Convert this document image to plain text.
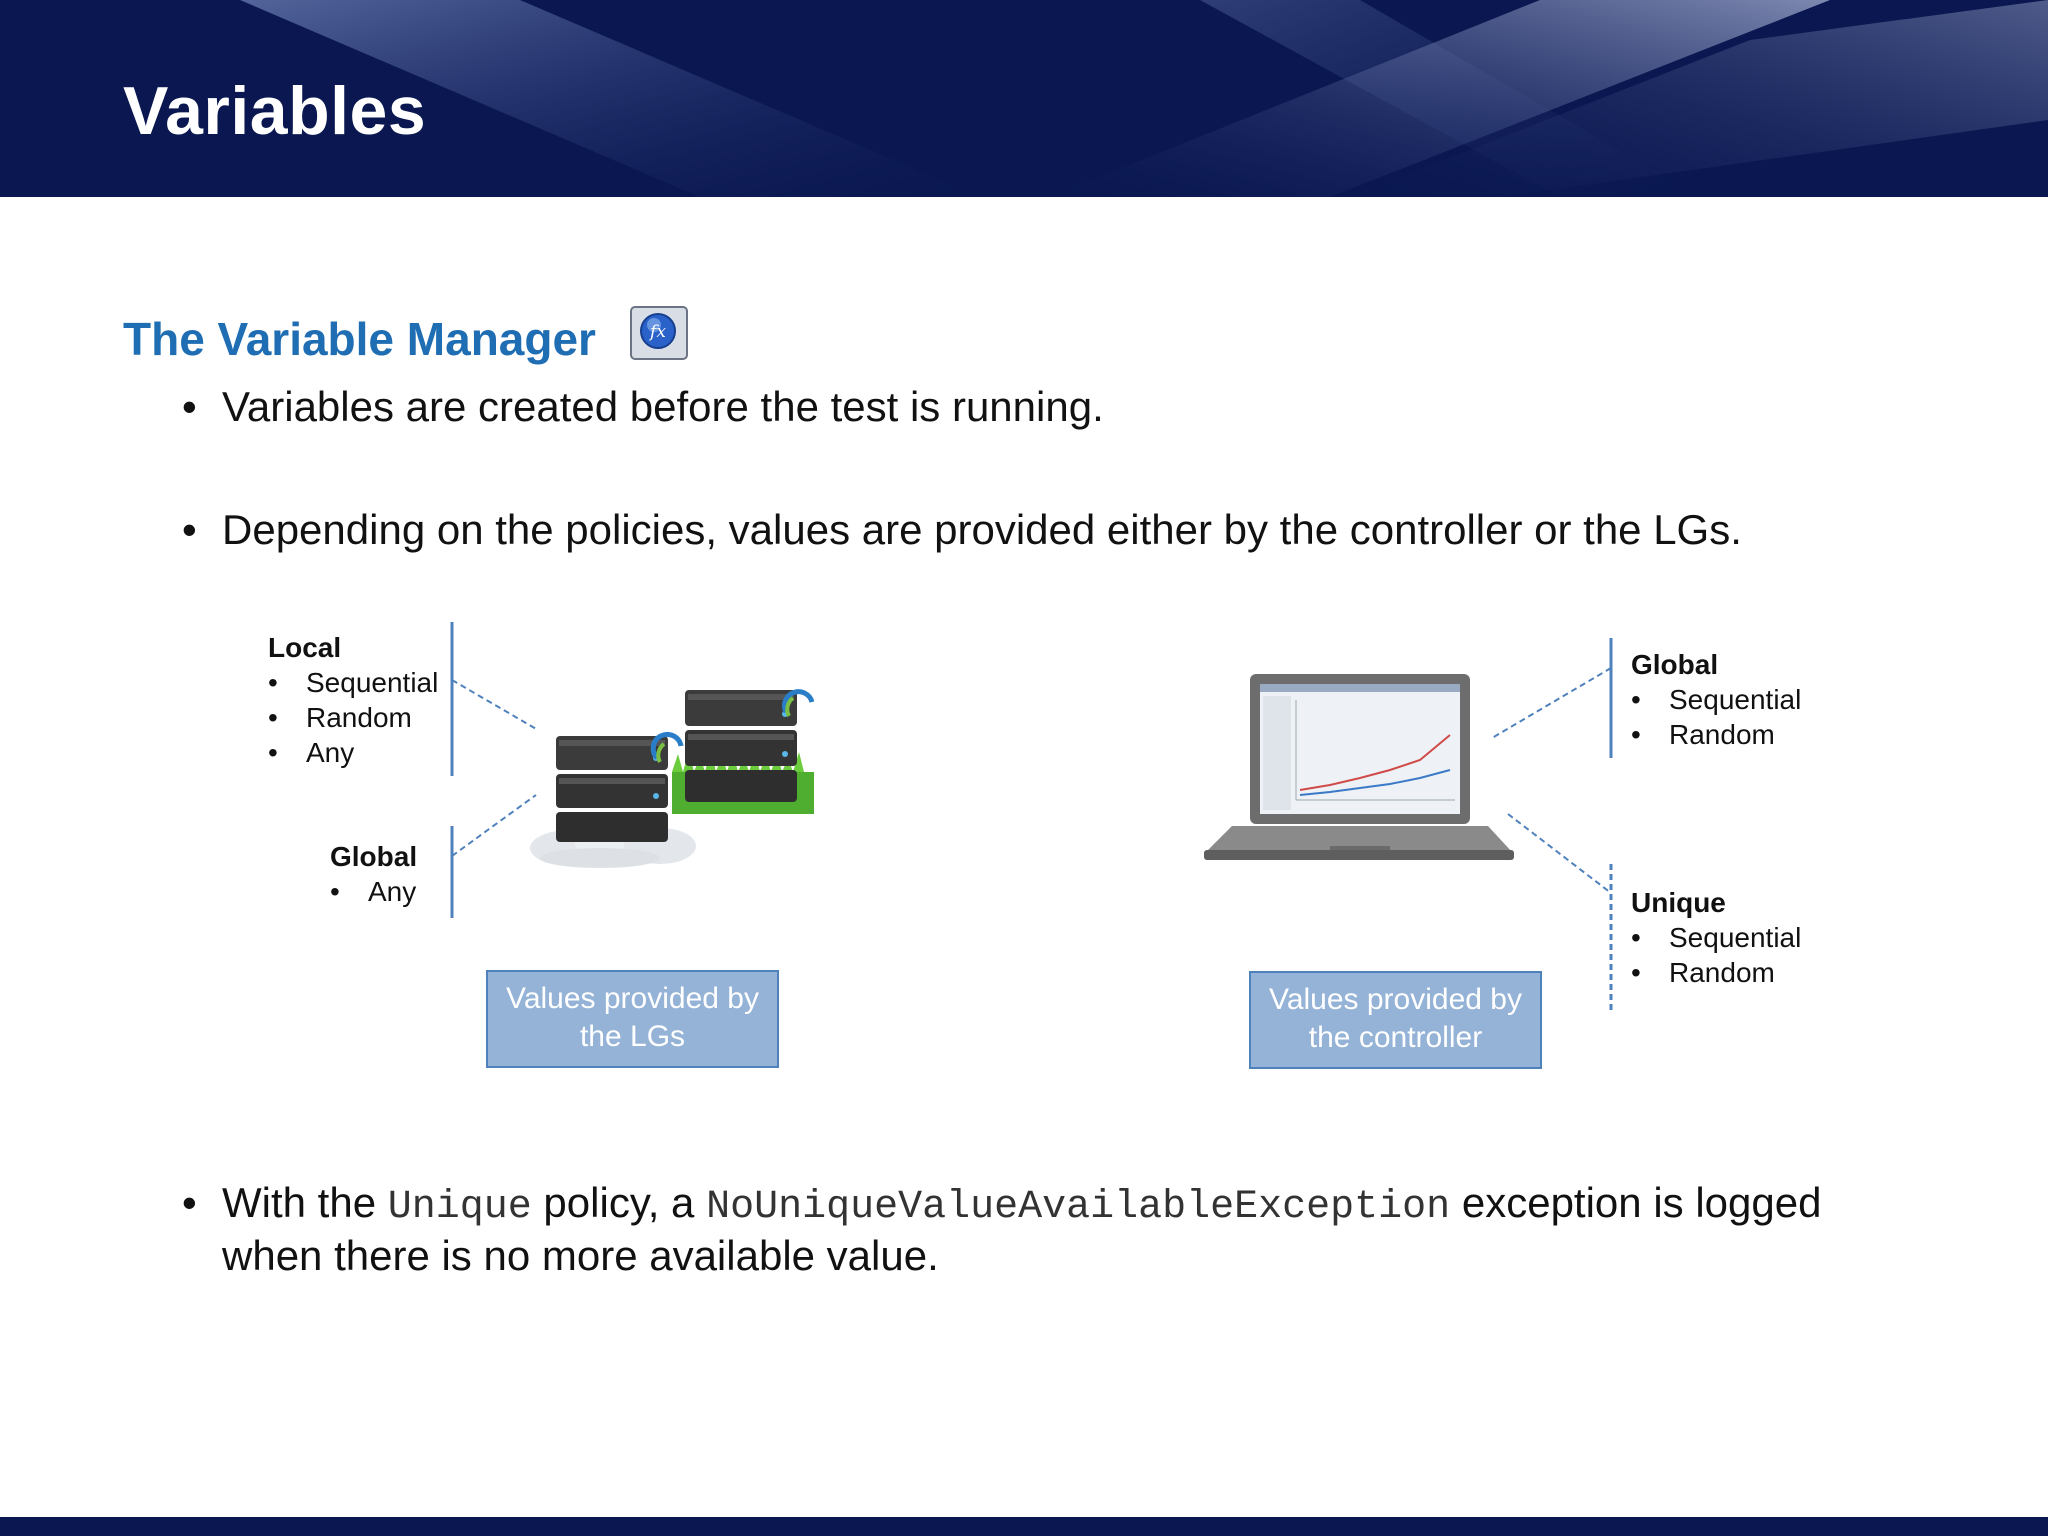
Variables
The Variable Manager	fx
• Variables are created before the test is running.
• Depending on the policies, values are provided either by the controller or the LGs.
Local
• Sequential
• Random
• Any
Global
• Any
Global
• Sequential
• Random
Unique
• Sequential
• Random
Values provided by
the LGs
Values provided by
the controller
• With the Unique policy, a NoUniqueValueAvailableException exception is logged
when there is no more available value.
